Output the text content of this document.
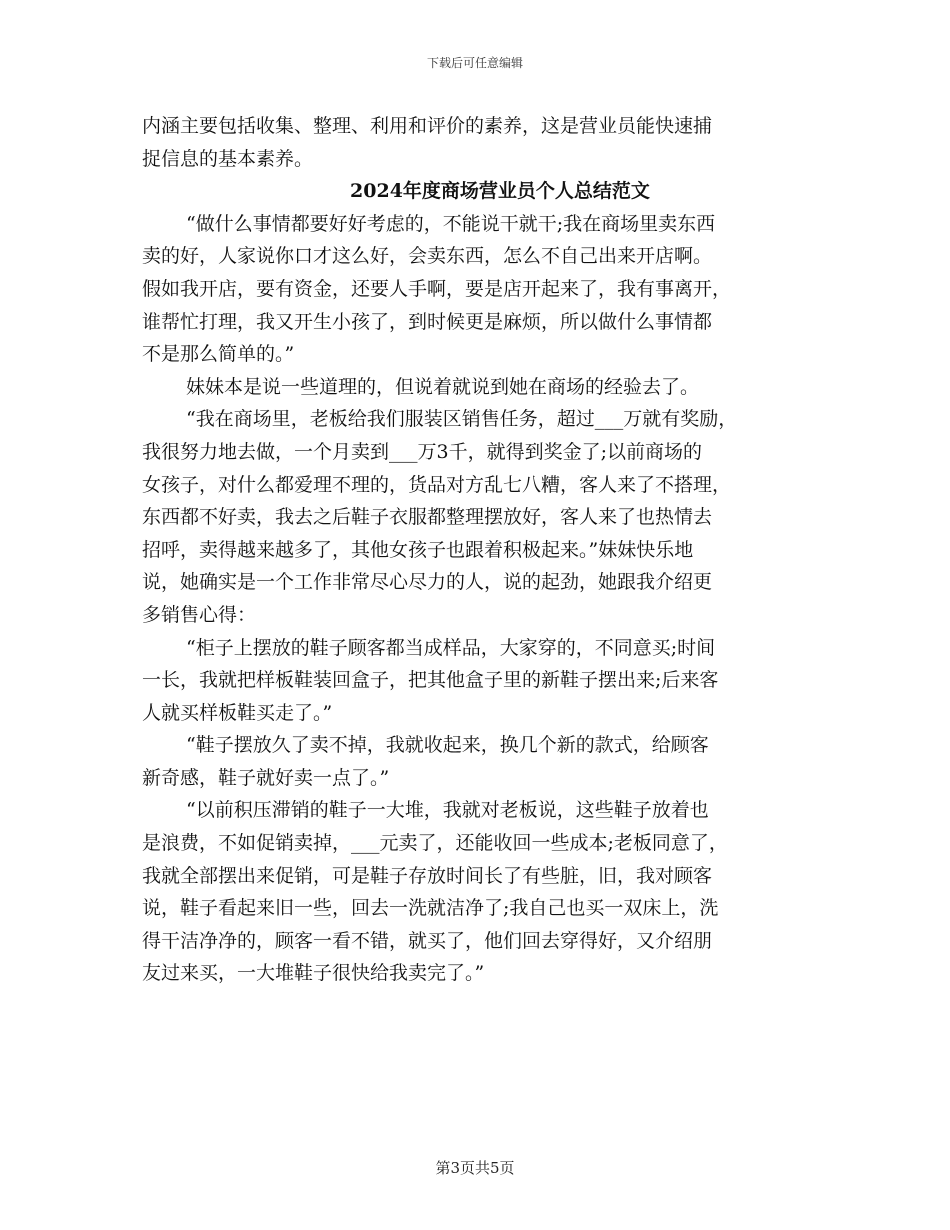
下载后可任意编辑
内涵主要包括收集、整理、利用和评价的素养，这是营业员能快速捕
捉信息的基本素养。
2024年度商场营业员个人总结范文
“做什么事情都要好好考虑的，不能说干就干;我在商场里卖东西
卖的好，人家说你口才这么好，会卖东西，怎么不自己出来开店啊。
假如我开店，要有资金，还要人手啊，要是店开起来了，我有事离开，
谁帮忙打理，我又开生小孩了，到时候更是麻烦，所以做什么事情都
不是那么简单的。”
妹妹本是说一些道理的，但说着就说到她在商场的经验去了。
“我在商场里，老板给我们服装区销售任务，超过___万就有奖励，
我很努力地去做，一个月卖到___万3千，就得到奖金了;以前商场的
女孩子，对什么都爱理不理的，货品对方乱七八糟，客人来了不搭理，
东西都不好卖，我去之后鞋子衣服都整理摆放好，客人来了也热情去
招呼，卖得越来越多了，其他女孩子也跟着积极起来。”妹妹快乐地
说，她确实是一个工作非常尽心尽力的人，说的起劲，她跟我介绍更
多销售心得：
“柜子上摆放的鞋子顾客都当成样品，大家穿的，不同意买;时间
一长，我就把样板鞋装回盒子，把其他盒子里的新鞋子摆出来;后来客
人就买样板鞋买走了。”
“鞋子摆放久了卖不掉，我就收起来，换几个新的款式，给顾客
新奇感，鞋子就好卖一点了。”
“以前积压滞销的鞋子一大堆，我就对老板说，这些鞋子放着也
是浪费，不如促销卖掉，___元卖了，还能收回一些成本;老板同意了，
我就全部摆出来促销，可是鞋子存放时间长了有些脏，旧，我对顾客
说，鞋子看起来旧一些，回去一洗就洁净了;我自己也买一双床上，洗
得干洁净净的，顾客一看不错，就买了，他们回去穿得好，又介绍朋
友过来买，一大堆鞋子很快给我卖完了。”
第3页共5页
